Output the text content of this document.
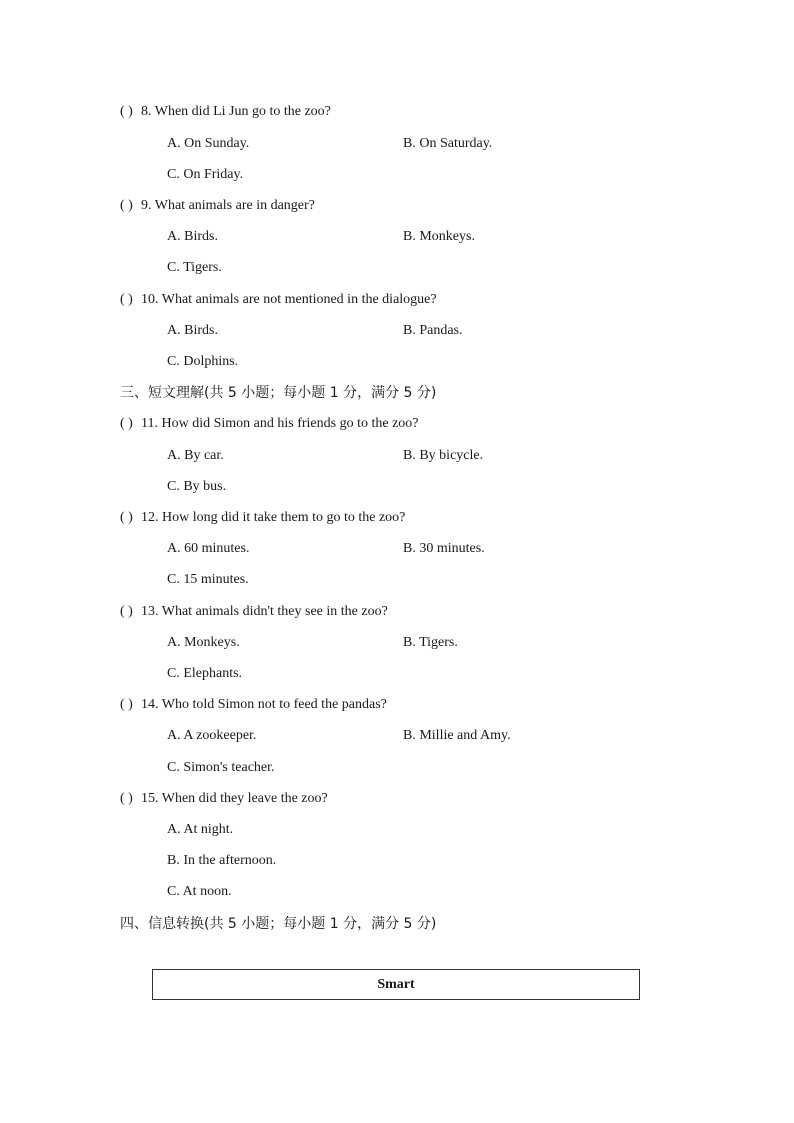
( ) 8. When did Li Jun go to the zoo?
A. On Sunday.	B. On Saturday.
C. On Friday.
( ) 9. What animals are in danger?
A. Birds.	B. Monkeys.
C. Tigers.
( ) 10. What animals are not mentioned in the dialogue?
A. Birds.	B. Pandas.
C. Dolphins.
三、短文理解(共 5 小题；每小题 1 分，满分 5 分)
( ) 11. How did Simon and his friends go to the zoo?
A. By car.	B. By bicycle.
C. By bus.
( ) 12. How long did it take them to go to the zoo?
A. 60 minutes.	B. 30 minutes.
C. 15 minutes.
( ) 13. What animals didn't they see in the zoo?
A. Monkeys.	B. Tigers.
C. Elephants.
( ) 14. Who told Simon not to feed the pandas?
A. A zookeeper.	B. Millie and Amy.
C. Simon's teacher.
( ) 15. When did they leave the zoo?
A. At night.
B. In the afternoon.
C. At noon.
四、信息转换(共 5 小题；每小题 1 分，满分 5 分)
Smart
